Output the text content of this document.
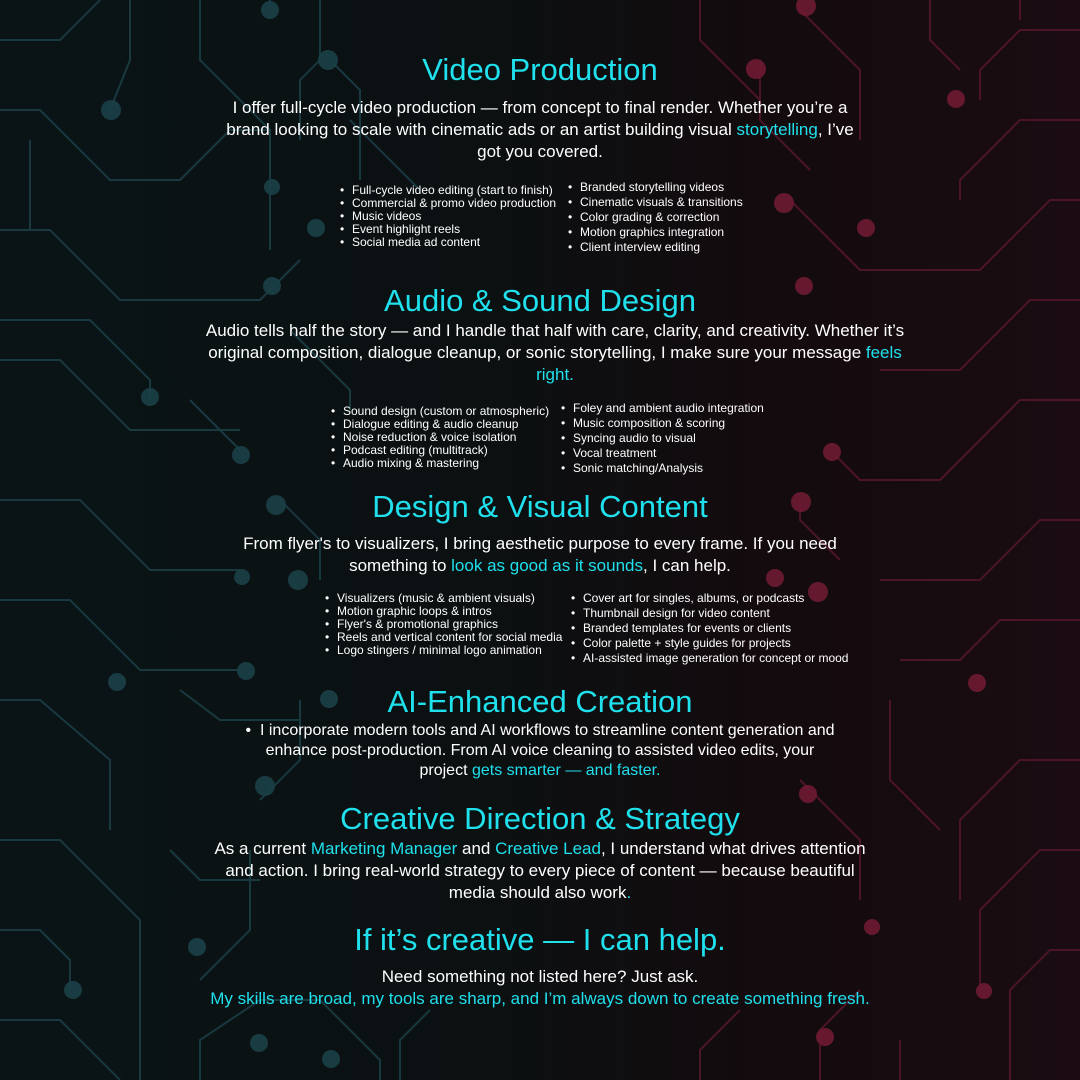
Video Production
I offer full-cycle video production — from concept to final render. Whether you’re a brand looking to scale with cinematic ads or an artist building visual storytelling, I’ve got you covered.
• Full-cycle video editing (start to finish)
• Commercial & promo video production
• Music videos
• Event highlight reels
• Social media ad content
• Branded storytelling videos
• Cinematic visuals & transitions
• Color grading & correction
• Motion graphics integration
• Client interview editing
Audio & Sound Design
Audio tells half the story — and I handle that half with care, clarity, and creativity. Whether it’s original composition, dialogue cleanup, or sonic storytelling, I make sure your message feels right.
• Sound design (custom or atmospheric)
• Dialogue editing & audio cleanup
• Noise reduction & voice isolation
• Podcast editing (multitrack)
• Audio mixing & mastering
• Foley and ambient audio integration
• Music composition & scoring
• Syncing audio to visual
• Vocal treatment
• Sonic matching/Analysis
Design & Visual Content
From flyer's to visualizers, I bring aesthetic purpose to every frame. If you need something to look as good as it sounds, I can help.
• Visualizers (music & ambient visuals)
• Motion graphic loops & intros
• Flyer's & promotional graphics
• Reels and vertical content for social media
• Logo stingers / minimal logo animation
• Cover art for singles, albums, or podcasts
• Thumbnail design for video content
• Branded templates for events or clients
• Color palette + style guides for projects
• AI-assisted image generation for concept or mood
AI-Enhanced Creation
•  I incorporate modern tools and AI workflows to streamline content generation and enhance post-production. From AI voice cleaning to assisted video edits, your project gets smarter — and faster.
Creative Direction & Strategy
As a current Marketing Manager and Creative Lead, I understand what drives attention and action. I bring real-world strategy to every piece of content — because beautiful media should also work.
If it’s creative — I can help.
Need something not listed here? Just ask.
My skills are broad, my tools are sharp, and I’m always down to create something fresh.
